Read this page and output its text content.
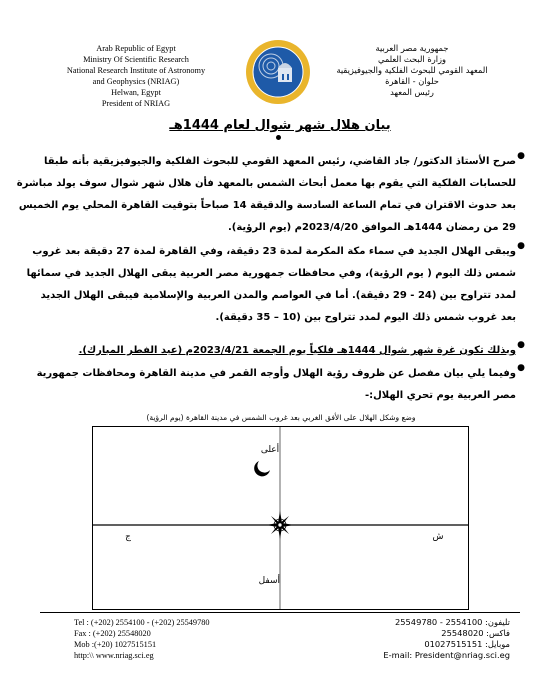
Arab Republic of Egypt
Ministry Of Scientific Research
National Research Institute of Astronomy
and Geophysics (NRIAG)
Helwan, Egypt
President of NRIAG
جمهورية مصر العربية
وزارة البحث العلمي
المعهد القومي للبحوث الفلكية والجيوفيزيقية
حلوان - القاهرة
رئيس المعهد
بيان هلال شهر شوال لعام 1444هـ
●
صرح الأستاذ الدكتور/ جاد القاضي، رئيس المعهد القومي للبحوث الفلكية والجيوفيزيقية بأنه طبقا
للحسابات الفلكية التي يقوم بها معمل أبحاث الشمس بالمعهد فأن هلال شهر شوال سوف يولد مباشرة
بعد حدوث الاقتران في تمام الساعة السادسة والدقيقة 14 صباحاً بتوقيت القاهرة المحلي يوم الخميس
29 من رمضان 1444هـ الموافق 2023/4/20م (يوم الرؤية).
●
ويبقى الهلال الجديد في سماء مكة المكرمة لمدة 23 دقيقة، وفي القاهرة لمدة 27 دقيقة بعد غروب
شمس ذلك اليوم ( يوم الرؤية)، وفي محافظات جمهورية مصر العربية يبقى الهلال الجديد في سمائها
لمدد تتراوح بين (24 - 29 دقيقة). أما في العواصم والمدن العربية والإسلامية فيبقى الهلال الجديد
بعد غروب شمس ذلك اليوم لمدد تتراوح بين (10 – 35 دقيقة).
●
وبذلك تكون غرة شهر شوال 1444هـ فلكياً يوم الجمعة 2023/4/21م (عيد الفطر المبارك).
●
وفيما يلي بيان مفصل عن ظروف رؤية الهلال وأوجه القمر في مدينة القاهرة ومحافظات جمهورية
مصر العربية يوم تحري الهلال:-
وضع وشكل الهلال على الأفق الغربي بعد غروب الشمس في مدينة القاهرة (يوم الرؤية)
أعلى
أسفل
ش
ج
Tel : (+202) 2554100 - (+202) 25549780
Fax : (+202) 25548020
Mob :(+20) 1027515151
http:\\ www.nriag.sci.eg
تليفون: 2554100 - 25549780
فاكس: 25548020
موبايل: 01027515151
E-mail: President@nriag.sci.eg
